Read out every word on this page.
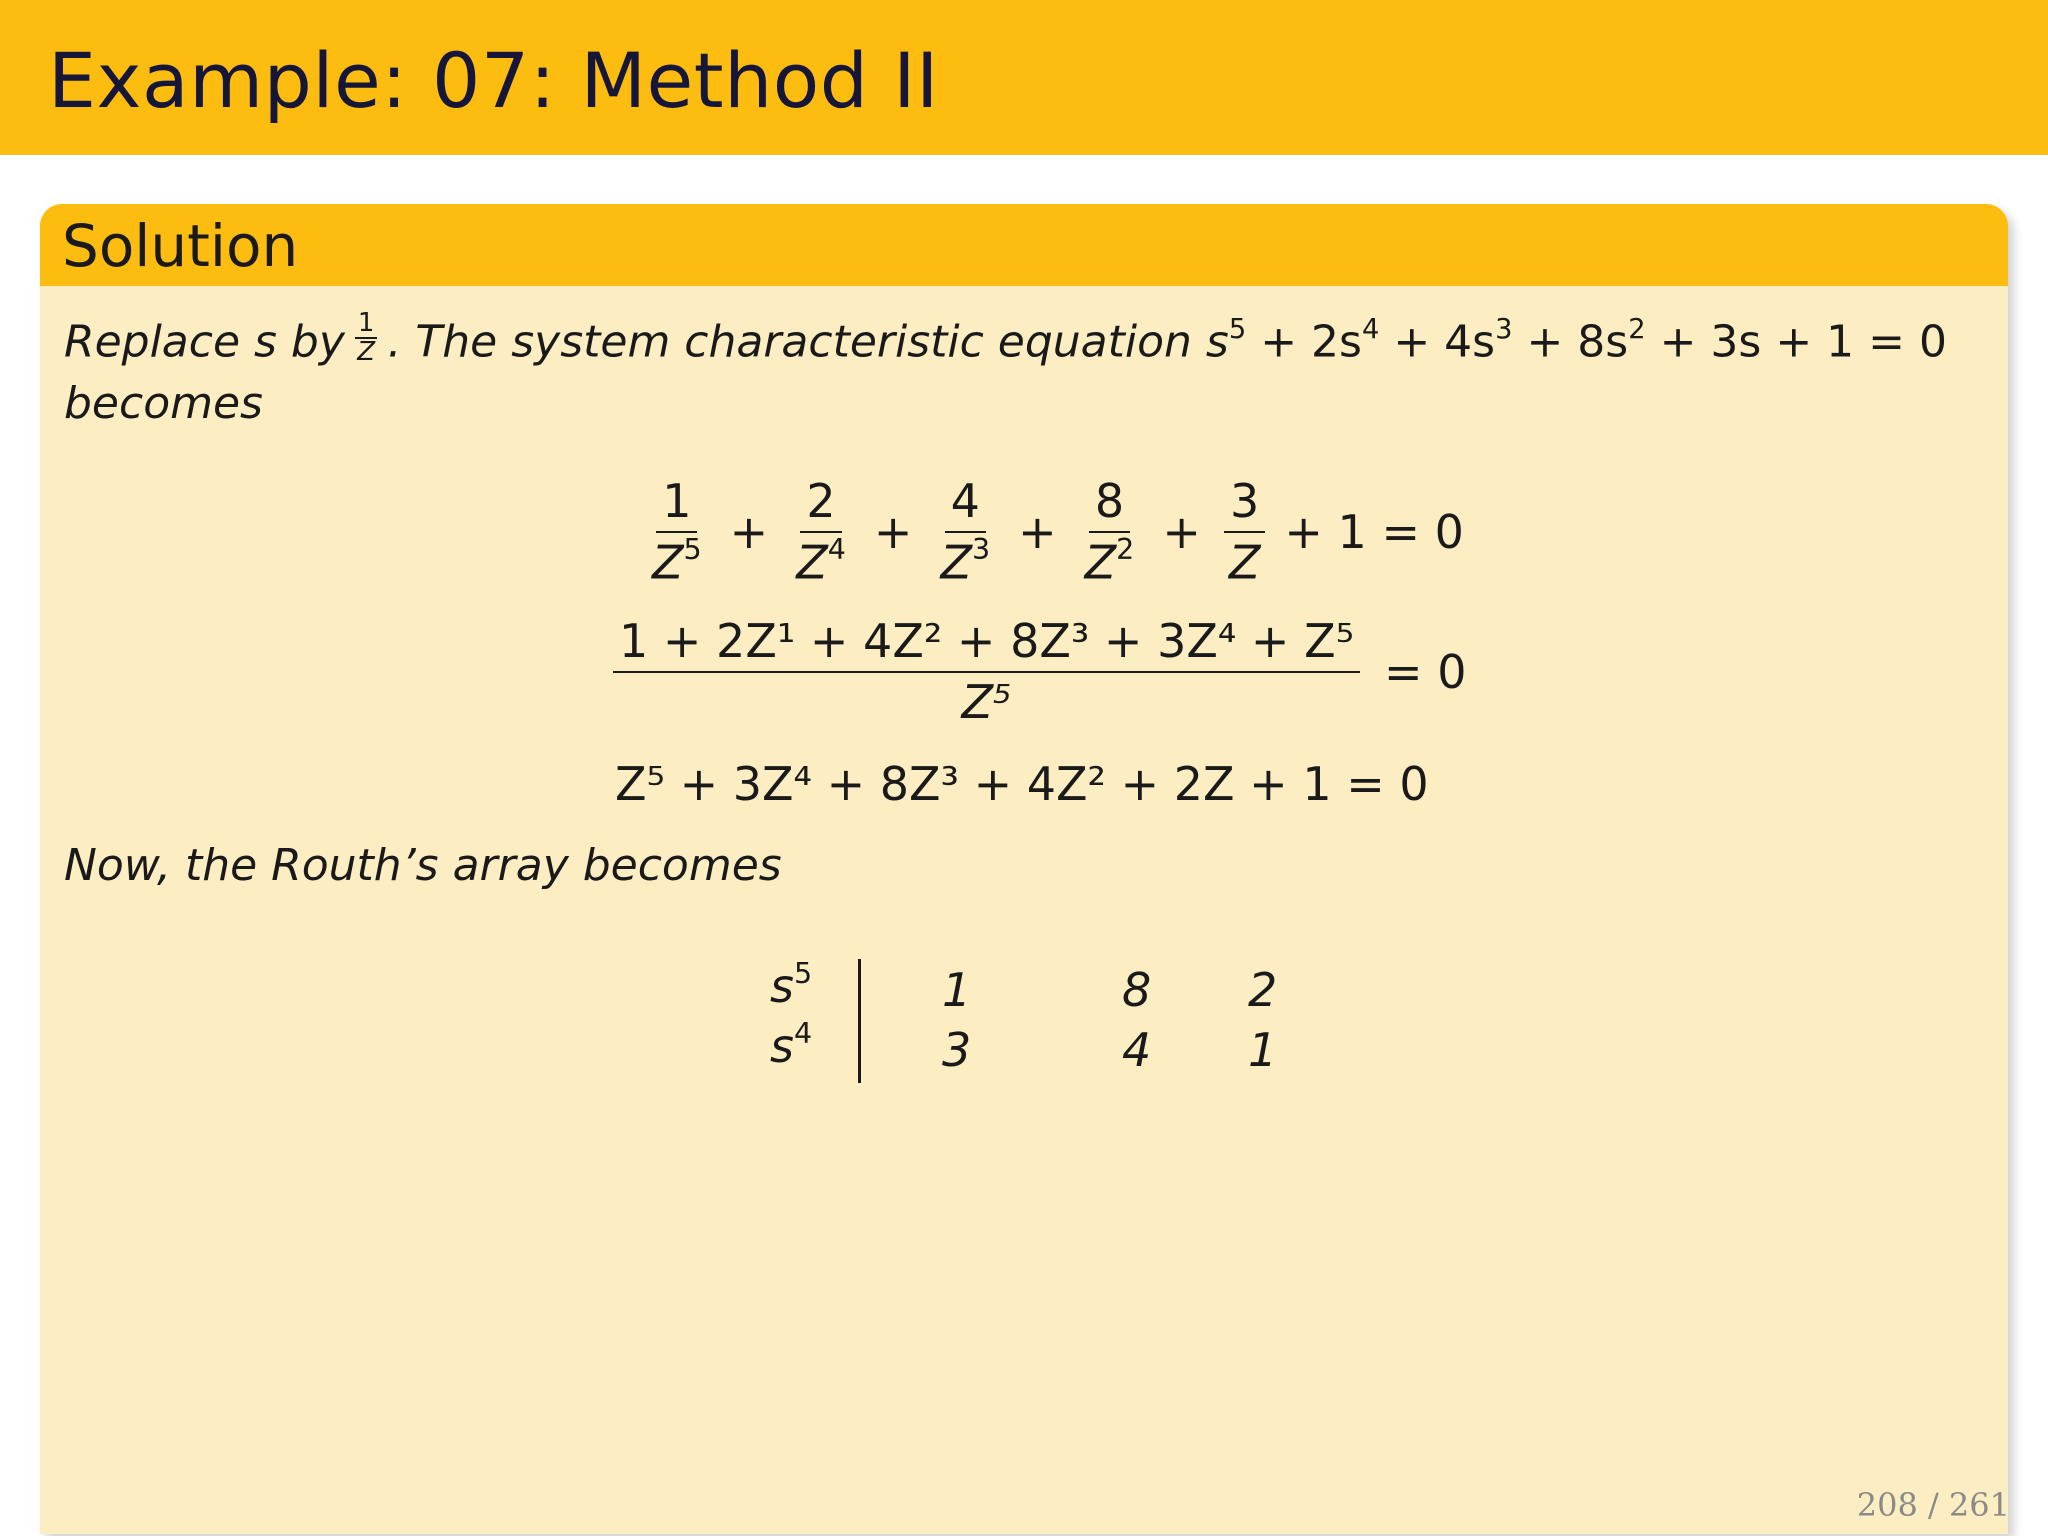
Example: 07: Method II
Solution
Replace s by $\frac{1}{Z}$ . The system characteristic equation $s^5 + 2s^4 + 4s^3 + 8s^2 + 3s + 1 = 0$
becomes
$\frac{1}{Z^5} + \frac{2}{Z^4} + \frac{4}{Z^3} + \frac{8}{Z^2} + \frac{3}{Z} + 1 = 0$
$\frac{\text{1 + 2Z¹ + 4Z² + 8Z³ + 3Z⁴ + Z⁵}}{\text{Z⁵}} = 0$
Z⁵ + 3Z⁴ + 8Z³ + 4Z² + 2Z + 1 = 0
Now, the Routh’s array becomes
$s^5$
$s^4$
1	8 2
3	4 1
208 / 261
